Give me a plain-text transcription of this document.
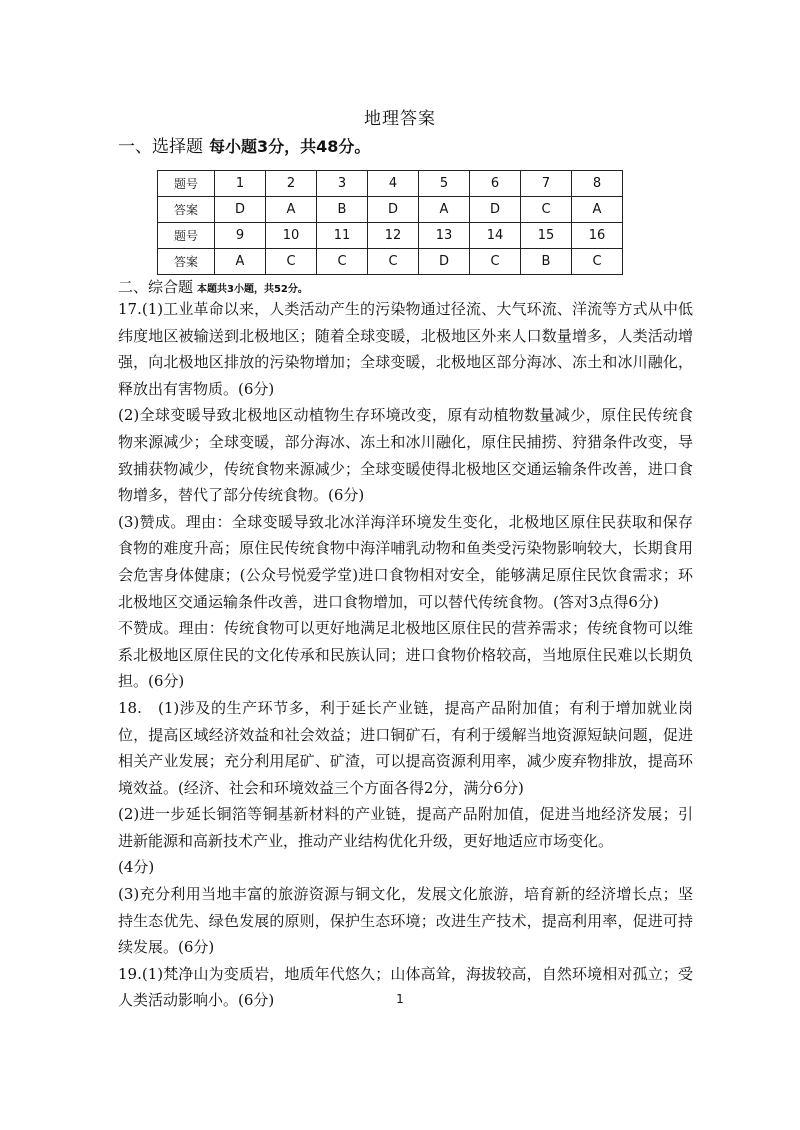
地理答案
一、选择题 每小题3分，共48分。
题号	1	2	3	4	5	6	7	8
答案	D	A	B	D	A	D	C	A
题号	9	10	11	12	13	14	15	16
答案	A	C	C	C	D	C	B	C
二、综合题 本题共3小题，共52分。

17.(1)工业革命以来，人类活动产生的污染物通过径流、大气环流、洋流等方式从中低纬度地区被输送到北极地区；随着全球变暖，北极地区外来人口数量增多，人类活动增强，向北极地区排放的污染物增加；全球变暖，北极地区部分海冰、冻土和冰川融化，释放出有害物质。(6分)

(2)全球变暖导致北极地区动植物生存环境改变，原有动植物数量减少，原住民传统食物来源减少；全球变暖，部分海冰、冻土和冰川融化，原住民捕捞、狩猎条件改变，导致捕获物减少，传统食物来源减少；全球变暖使得北极地区交通运输条件改善，进口食物增多，替代了部分传统食物。(6分)

(3)赞成。理由：全球变暖导致北冰洋海洋环境发生变化，北极地区原住民获取和保存食物的难度升高；原住民传统食物中海洋哺乳动物和鱼类受污染物影响较大，长期食用会危害身体健康；(公众号悦爱学堂)进口食物相对安全，能够满足原住民饮食需求；环北极地区交通运输条件改善，进口食物增加，可以替代传统食物。(答对3点得6分)

不赞成。理由：传统食物可以更好地满足北极地区原住民的营养需求；传统食物可以维系北极地区原住民的文化传承和民族认同；进口食物价格较高，当地原住民难以长期负担。(6分)

18.　(1)涉及的生产环节多，利于延长产业链，提高产品附加值；有利于增加就业岗位，提高区域经济效益和社会效益；进口铜矿石，有利于缓解当地资源短缺问题，促进相关产业发展；充分利用尾矿、矿渣，可以提高资源利用率，减少废弃物排放，提高环境效益。(经济、社会和环境效益三个方面各得2分，满分6分)

(2)进一步延长铜箔等铜基新材料的产业链，提高产品附加值，促进当地经济发展；引进新能源和高新技术产业，推动产业结构优化升级，更好地适应市场变化。

(4分)

(3)充分利用当地丰富的旅游资源与铜文化，发展文化旅游，培育新的经济增长点；坚持生态优先、绿色发展的原则，保护生态环境；改进生产技术，提高利用率，促进可持续发展。(6分)

19.(1)梵净山为变质岩，地质年代悠久；山体高耸，海拔较高，自然环境相对孤立；受人类活动影响小。(6分)	1
